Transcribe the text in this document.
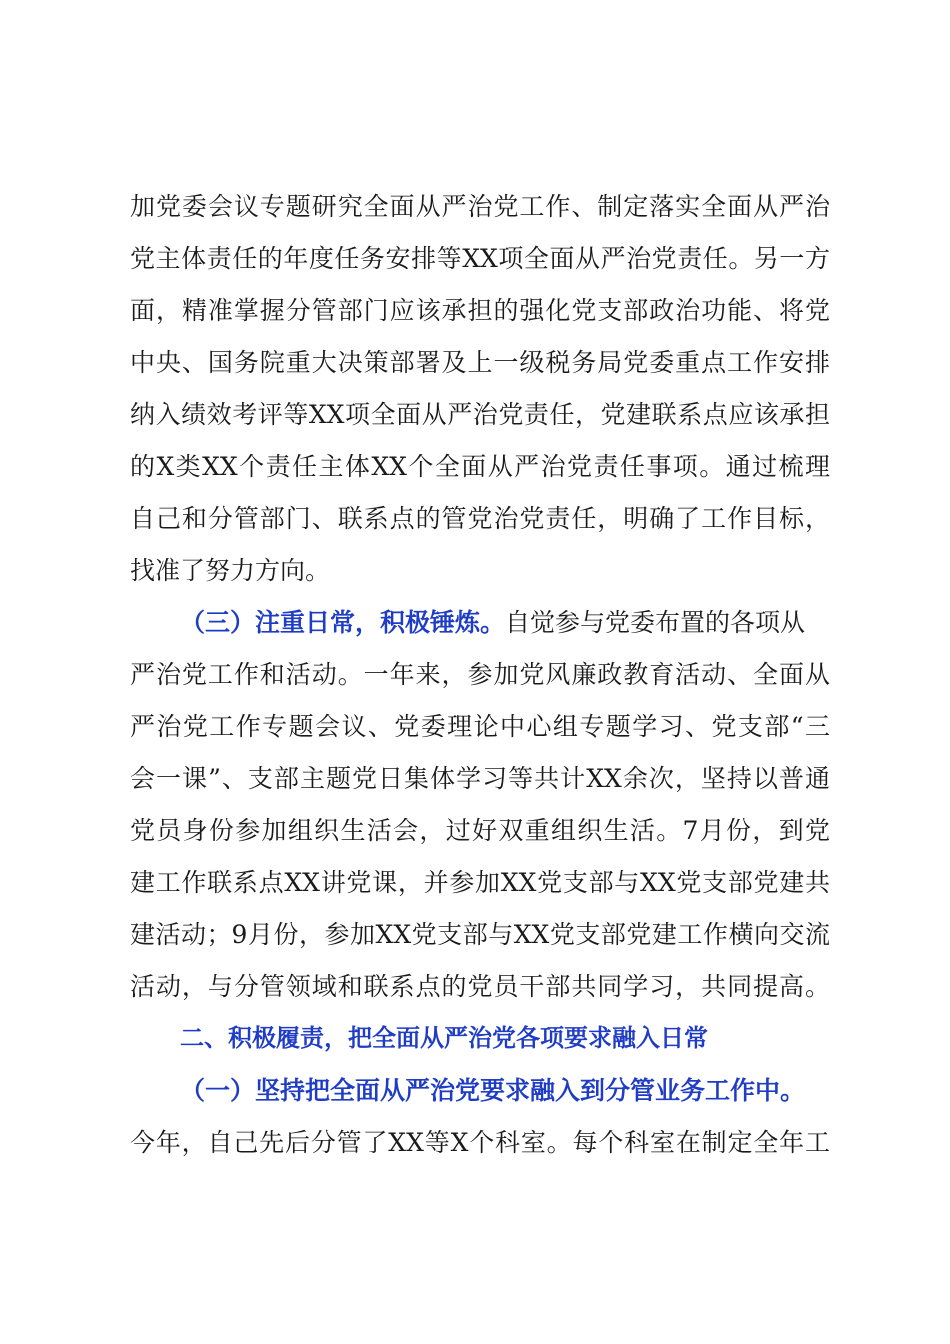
加党委会议专题研究全面从严治党工作、制定落实全面从严治
党主体责任的年度任务安排等XX项全面从严治党责任。另一方
面，精准掌握分管部门应该承担的强化党支部政治功能、将党
中央、国务院重大决策部署及上一级税务局党委重点工作安排
纳入绩效考评等XX项全面从严治党责任，党建联系点应该承担
的X类XX个责任主体XX个全面从严治党责任事项。通过梳理
自己和分管部门、联系点的管党治党责任，明确了工作目标，
找准了努力方向。
（三）注重日常，积极锤炼。自觉参与党委布置的各项从
严治党工作和活动。一年来，参加党风廉政教育活动、全面从
严治党工作专题会议、党委理论中心组专题学习、党支部“三
会一课”、支部主题党日集体学习等共计XX余次，坚持以普通
党员身份参加组织生活会，过好双重组织生活。7月份，到党
建工作联系点XX讲党课，并参加XX党支部与XX党支部党建共
建活动；9月份，参加XX党支部与XX党支部党建工作横向交流
活动，与分管领域和联系点的党员干部共同学习，共同提高。
二、积极履责，把全面从严治党各项要求融入日常
（一）坚持把全面从严治党要求融入到分管业务工作中。
今年，自己先后分管了XX等X个科室。每个科室在制定全年工
